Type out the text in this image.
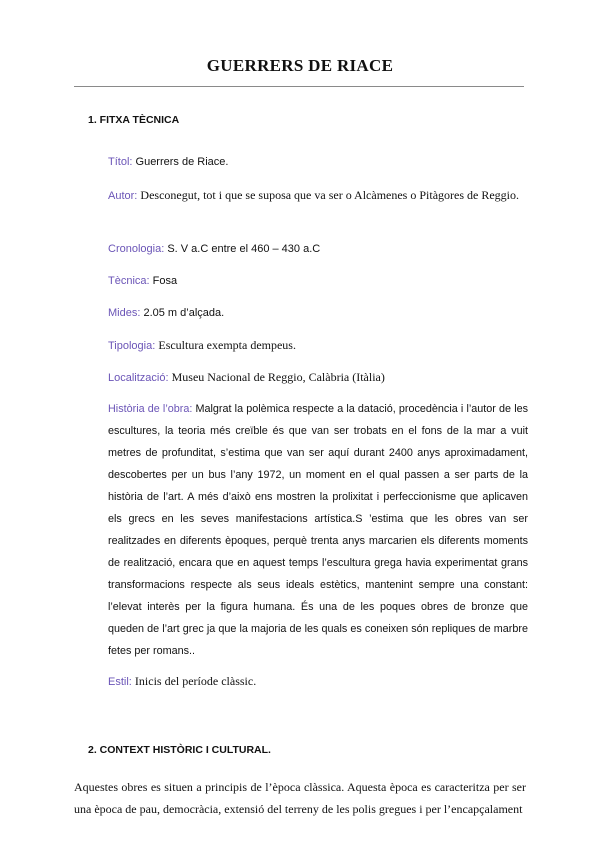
GUERRERS DE RIACE
1. FITXA TÈCNICA

Títol: Guerrers de Riace.

Autor: Desconegut, tot i que se suposa que va ser o Alcàmenes o Pitàgores de Reggio.

Cronologia: S. V a.C entre el 460 – 430 a.C

Tècnica: Fosa

Mides: 2.05 m d’alçada.

Tipologia: Escultura exempta dempeus.

Localització: Museu Nacional de Reggio, Calàbria (Itàlia)

Història de l’obra: Malgrat la polèmica respecte a la datació, procedència i l’autor de les escultures, la teoria més creïble és que van ser trobats en el fons de la mar a vuit metres de profunditat, s’estima que van ser aquí durant 2400 anys aproximadament, descobertes per un bus l’any 1972, un moment en el qual passen a ser parts de la història de l’art. A més d’això ens mostren la prolixitat i perfeccionisme que aplicaven els grecs en les seves manifestacions artística.S ’estima que les obres van ser realitzades en diferents èpoques, perquè trenta anys marcarien els diferents moments de realització, encara que en aquest temps l’escultura grega havia experimentat grans transformacions respecte als seus ideals estètics, mantenint sempre una constant: l’elevat interès per la figura humana. És una de les poques obres de bronze que queden de l’art grec ja que la majoria de les quals es coneixen són repliques de marbre fetes per romans..

Estil: Inicis del període clàssic.

2. CONTEXT HISTÒRIC I CULTURAL.

Aquestes obres es situen a principis de l’època clàssica. Aquesta època es caracteritza per ser una època de pau, democràcia, extensió del terreny de les polis gregues i per l’encapçalament
